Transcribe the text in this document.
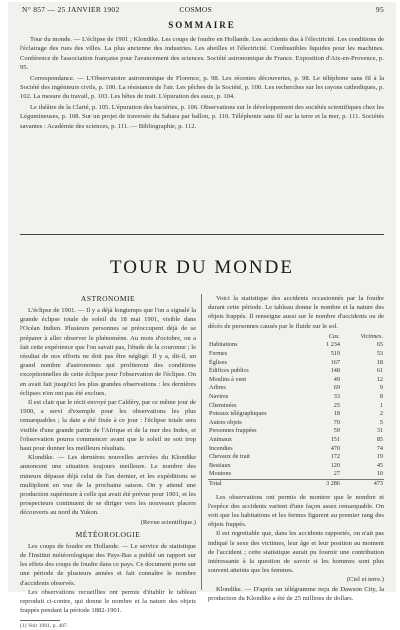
N° 857 — 25 JANVIER 1902	COSMOS	95
SOMMAIRE

Tour du monde. — L'éclipse de 1901 ; Klondike. Les coups de foudre en Hollande. Les accidents dus à l'électricité. Les conditions de l'éclairage des rues des villes. La plus ancienne des industries. Les abeilles et l'électricité. Combustibles liquides pour les machines. Conférence de l'association française pour l'avancement des sciences. Société astronomique de France. Exposition d'Aix-en-Provence, p. 95.

Correspondance. — L'Observatoire astronomique de Florence, p. 98. Les récentes découvertes, p. 98. Le téléphone sans fil à la Société des ingénieurs civils, p. 100. La résistance de l'air. Les pêches de la Société, p. 100. Les recherches sur les rayons cathodiques, p. 102. La mesure du travail, p. 103. Les bêtes de trait. L'épuration des eaux, p. 104.

Le théâtre de la Clarté, p. 105. L'épuration des bactéries, p. 106. Observations sur le développement des sociétés scientifiques chez les Légumineuses, p. 108. Sur un projet de traversée du Sahara par ballon, p. 110. Téléphonie sans fil sur la terre et la mer, p. 111. Sociétés savantes : Académie des sciences, p. 111. — Bibliographie, p. 112.

TOUR DU MONDE
ASTRONOMIE

L'éclipse de 1901. — Il y a déjà longtemps que l'on a signalé la grande éclipse totale de soleil du 18 mai 1901, visible dans l'Océan Indien. Plusieurs personnes se préoccupent déjà de se préparer à aller observer le phénomène. Au mois d'octobre, on a fait cette expérience que l'on savait pas, l'étude de la couronne ; le résultat de nos efforts ne doit pas être négligé. Il y a, dit-il, un grand nombre d'astronomes qui profiteront des conditions exceptionnelles de cette éclipse pour l'observation de l'éclipse. On en avait fait jusqu'ici les plus grandes observations : les dernières éclipses n'en ont pas été exclues.

Il est clair que le récit envoyé par Caldéry, par ce même jour de 1900, a servi d'exemple pour les observations les plus remarquables ; la date a été fixée à ce jour : l'éclipse totale sera visible d'une grande partie de l'Afrique et de la mer des Indes, et l'observation pourra commencer avant que le soleil ne soit trop haut pour donner les meilleurs résultats.

Klondike. — Les dernières nouvelles arrivées du Klondike annoncent une situation toujours meilleure. Le nombre des mineurs dépasse déjà celui de l'an dernier, et les expéditions se multiplient en vue de la prochaine saison. On y attend une production supérieure à celle qui avait été prévue pour 1901, et les prospecteurs continuent de se diriger vers les nouveaux placers découverts au nord du Yukon.

(Revue scientifique.)

MÉTÉOROLOGIE

Les coups de foudre en Hollande. — Le service de statistique de l'Institut météorologique des Pays-Bas a publié un rapport sur les effets des coups de foudre dans ce pays. Ce document porte sur une période de plusieurs années et fait connaître le nombre d'accidents observés.

Les observations recueillies ont permis d'établir le tableau reproduit ci-contre, qui donne le nombre et la nature des objets frappés pendant la période 1882-1901.

(1) Voir 1901, p. 487.

Voici la statistique des accidents occasionnés par la foudre durant cette période. Le tableau donne le nombre et la nature des objets frappés. Il renseigne aussi sur le nombre d'accidents ou de décès de personnes causés par le fluide sur le sol.

	Cas.	Victimes.
Habitations	1 234	65
Fermes	519	53
Églises	167	18
Édifices publics	148	61
Moulins à vent	49	12
Arbres	69	9
Navires	33	8
Cheminées	25	1
Poteaux télégraphiques	18	2
Autres objets	70	5
Personnes frappées	59	31
Animaux	151	85
Incendies	470	74
Chevaux de trait	172	19
Bestiaux	120	45
Moutons	27	10
Total	3 286	473

Les observations ont permis de montrer que le nombre et l'espèce des accidents varient d'une façon assez remarquable. On voit que les habitations et les fermes figurent au premier rang des objets frappés.

Il est regrettable que, dans les accidents rapportés, on n'ait pas indiqué le sexe des victimes, leur âge et leur position au moment de l'accident ; cette statistique aurait pu fournir une contribution intéressante à la question de savoir si les hommes sont plus souvent atteints que les femmes.

(Ciel et terre.)

Klondike. — D'après un télégramme reçu de Dawson City, la production du Klondike a été de 25 millions de dollars.
